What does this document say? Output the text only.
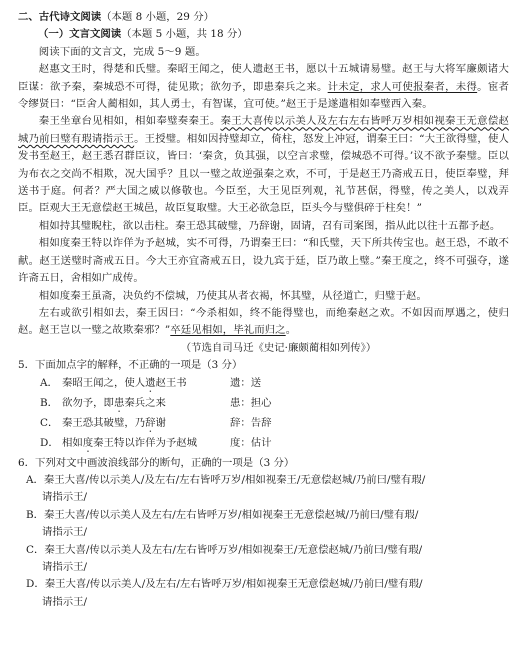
二、古代诗文阅读（本题 8 小题，29 分）
（一）文言文阅读（本题 5 小题，共 18 分）
阅读下面的文言文，完成 5～9 题。
赵惠文王时，得楚和氏璧。秦昭王闻之，使人遗赵王书，愿以十五城请易璧。赵王与大将军廉颇诸大臣谋：欲予秦，秦城恐不可得，徒见欺；欲勿予，即患秦兵之来。计未定，求人可使报秦者，未得。宦者令缪贤曰：“臣舍人蔺相如，其人勇士，有智谋，宜可使。”赵王于是遂遣相如奉璧西入秦。
秦王坐章台见相如，相如奉璧奏秦王。秦王大喜传以示美人及左右左右皆呼万岁相如视秦王无意偿赵城乃前曰璧有瑕请指示王。王授璧。相如因持璧却立，倚柱，怒发上冲冠，谓秦王曰：“大王欲得璧，使人发书至赵王，赵王悉召群臣议，皆曰：‘秦贪，负其强，以空言求璧，偿城恐不可得。’议不欲予秦璧。臣以为布衣之交尚不相欺，况大国乎？且以一璧之故逆强秦之欢，不可，于是赵王乃斋戒五日，使臣奉璧，拜送书于庭。何者？严大国之威以修敬也。今臣至，大王见臣列观，礼节甚倨，得璧，传之美人，以戏弄臣。臣观大王无意偿赵王城邑，故臣复取璧。大王必欲急臣，臣头今与璧俱碎于柱矣！”
相如持其璧睨柱，欲以击柱。秦王恐其破璧，乃辞谢，固请，召有司案图，指从此以往十五都予赵。
相如度秦王特以诈佯为予赵城，实不可得，乃谓秦王曰：“和氏璧，天下所共传宝也。赵王恐，不敢不献。赵王送璧时斋戒五日。今大王亦宜斋戒五日，设九宾于廷，臣乃敢上璧。”秦王度之，终不可强夺，遂许斋五日，舍相如广成传。
相如度秦王虽斋，决负约不偿城，乃使其从者衣褐，怀其璧，从径道亡，归璧于赵。
左右或欲引相如去，秦王因曰：“今杀相如，终不能得璧也，而绝秦赵之欢。不如因而厚遇之，使归赵。赵王岂以一璧之故欺秦邪？”卒廷见相如，毕礼而归之。
（节选自司马迁《史记·廉颇蔺相如列传》）
5．下面加点字的解释，不正确的一项是（3 分）
A．	秦昭王闻之，使人遗赵王书	遗：送
B．	欲勿予，即患秦兵之来	患：担心
C．	秦王恐其破璧，乃辞谢	辞：告辞
D．	相如度秦王特以诈佯为予赵城	度：估计
6．下列对文中画波浪线部分的断句，正确的一项是（3 分）
A．秦王大喜/传以示美人/及左右/左右皆呼万岁/相如视秦王/无意偿赵城/乃前曰/璧有瑕/
请指示王/
B．秦王大喜/传以示美人及左右/左右皆呼万岁/相如视秦王无意偿赵城/乃前曰/璧有瑕/
请指示王/
C．秦王大喜/传以示美人及左右/左右皆呼万岁/相如视秦王/无意偿赵城/乃前曰/璧有瑕/
请指示王/
D．秦王大喜/传以示美人/及左右/左右皆呼万岁/相如视秦王无意偿赵城/乃前曰/璧有瑕/
请指示王/
